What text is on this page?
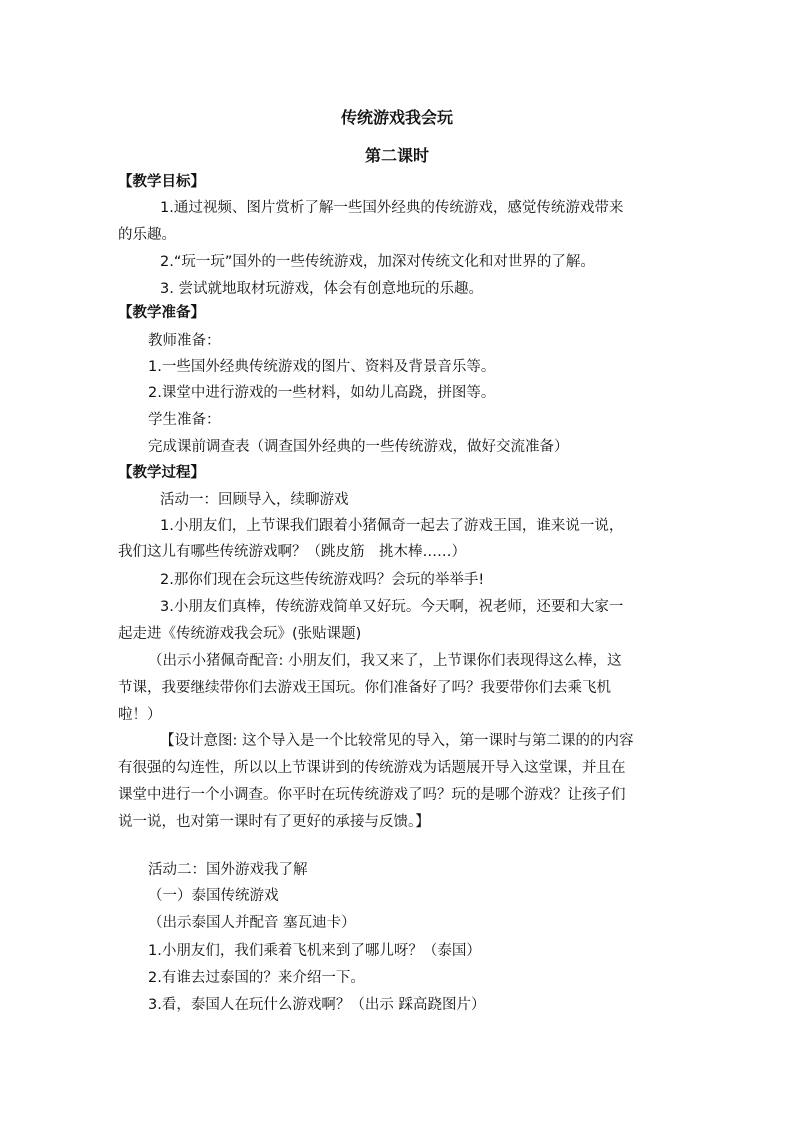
传统游戏我会玩
第二课时
【教学目标】
1.通过视频、图片赏析了解一些国外经典的传统游戏，感觉传统游戏带来
的乐趣。
2.“玩一玩”国外的一些传统游戏，加深对传统文化和对世界的了解。
3. 尝试就地取材玩游戏，体会有创意地玩的乐趣。
【教学准备】
教师准备：
1.一些国外经典传统游戏的图片、资料及背景音乐等。
2.课堂中进行游戏的一些材料，如幼儿高跷，拼图等。
学生准备：
完成课前调查表（调查国外经典的一些传统游戏，做好交流准备）
【教学过程】
活动一：回顾导入，续聊游戏
1.小朋友们，上节课我们跟着小猪佩奇一起去了游戏王国，谁来说一说，
我们这儿有哪些传统游戏啊？（跳皮筋　挑木棒……）
2.那你们现在会玩这些传统游戏吗？会玩的举举手!
3.小朋友们真棒，传统游戏简单又好玩。今天啊，祝老师，还要和大家一
起走进《传统游戏我会玩》(张贴课题)
（出示小猪佩奇配音: 小朋友们，我又来了，上节课你们表现得这么棒，这
节课，我要继续带你们去游戏王国玩。你们准备好了吗？我要带你们去乘飞机
啦！）
【设计意图: 这个导入是一个比较常见的导入，第一课时与第二课的的内容
有很强的勾连性，所以以上节课讲到的传统游戏为话题展开导入这堂课，并且在
课堂中进行一个小调查。你平时在玩传统游戏了吗？玩的是哪个游戏？让孩子们
说一说，也对第一课时有了更好的承接与反馈。】
活动二：国外游戏我了解
（一）泰国传统游戏
（出示泰国人并配音 塞瓦迪卡）
1.小朋友们，我们乘着飞机来到了哪儿呀？（泰国）
2.有谁去过泰国的？来介绍一下。
3.看，泰国人在玩什么游戏啊？（出示 踩高跷图片）
